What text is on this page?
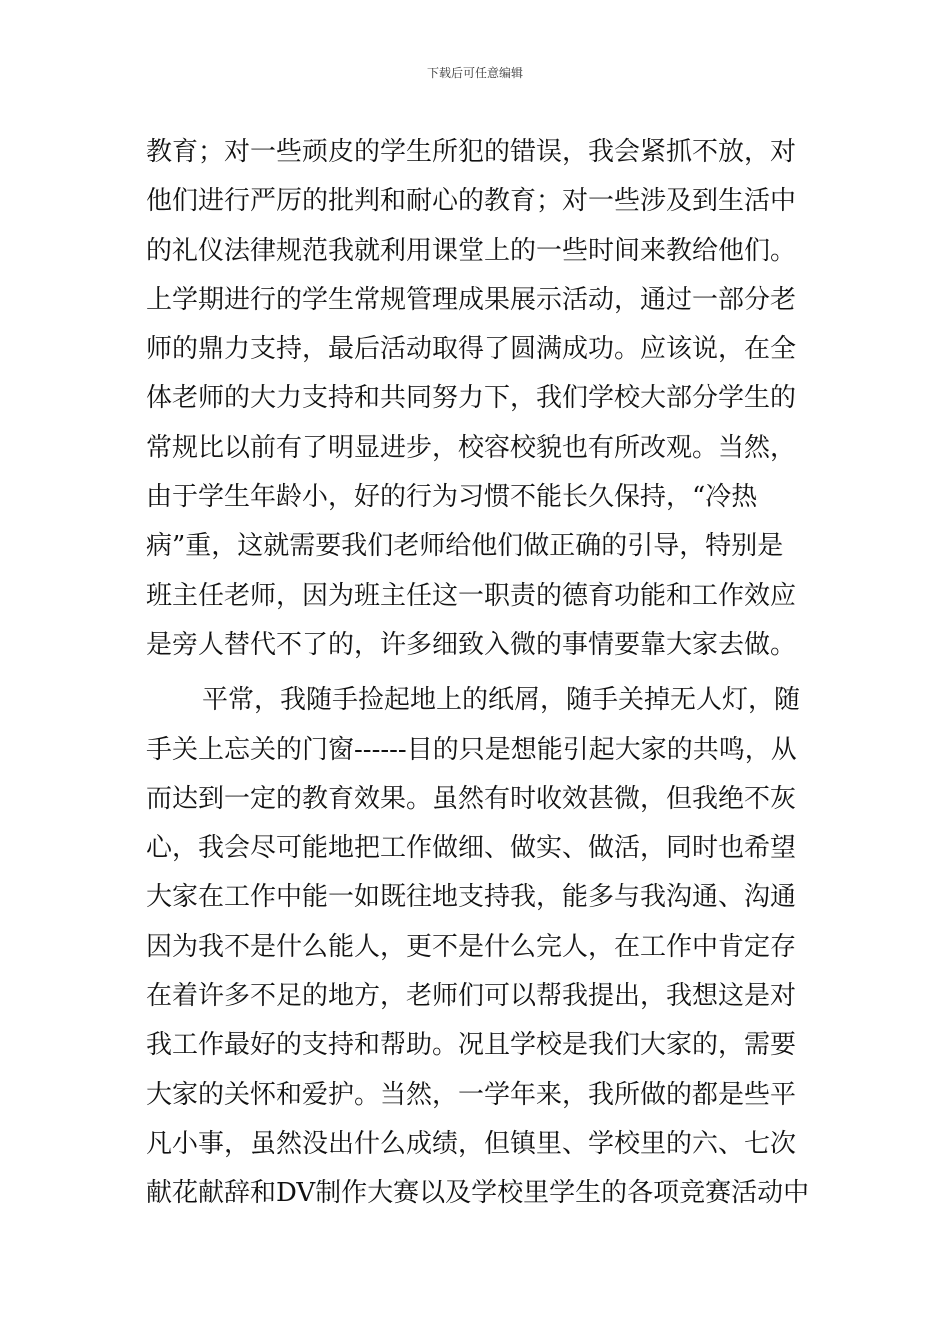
下载后可任意编辑
教育；对一些顽皮的学生所犯的错误，我会紧抓不放，对
他们进行严厉的批判和耐心的教育；对一些涉及到生活中
的礼仪法律规范我就利用课堂上的一些时间来教给他们。
上学期进行的学生常规管理成果展示活动，通过一部分老
师的鼎力支持，最后活动取得了圆满成功。应该说，在全
体老师的大力支持和共同努力下，我们学校大部分学生的
常规比以前有了明显进步，校容校貌也有所改观。当然，
由于学生年龄小，好的行为习惯不能长久保持，“冷热
病”重，这就需要我们老师给他们做正确的引导，特别是
班主任老师，因为班主任这一职责的德育功能和工作效应
是旁人替代不了的，许多细致入微的事情要靠大家去做。
平常，我随手捡起地上的纸屑，随手关掉无人灯，随
手关上忘关的门窗------目的只是想能引起大家的共鸣，从
而达到一定的教育效果。虽然有时收效甚微，但我绝不灰
心，我会尽可能地把工作做细、做实、做活，同时也希望
大家在工作中能一如既往地支持我，能多与我沟通、沟通
因为我不是什么能人，更不是什么完人，在工作中肯定存
在着许多不足的地方，老师们可以帮我提出，我想这是对
我工作最好的支持和帮助。况且学校是我们大家的，需要
大家的关怀和爱护。当然，一学年来，我所做的都是些平
凡小事，虽然没出什么成绩，但镇里、学校里的六、七次
献花献辞和DV制作大赛以及学校里学生的各项竞赛活动中
